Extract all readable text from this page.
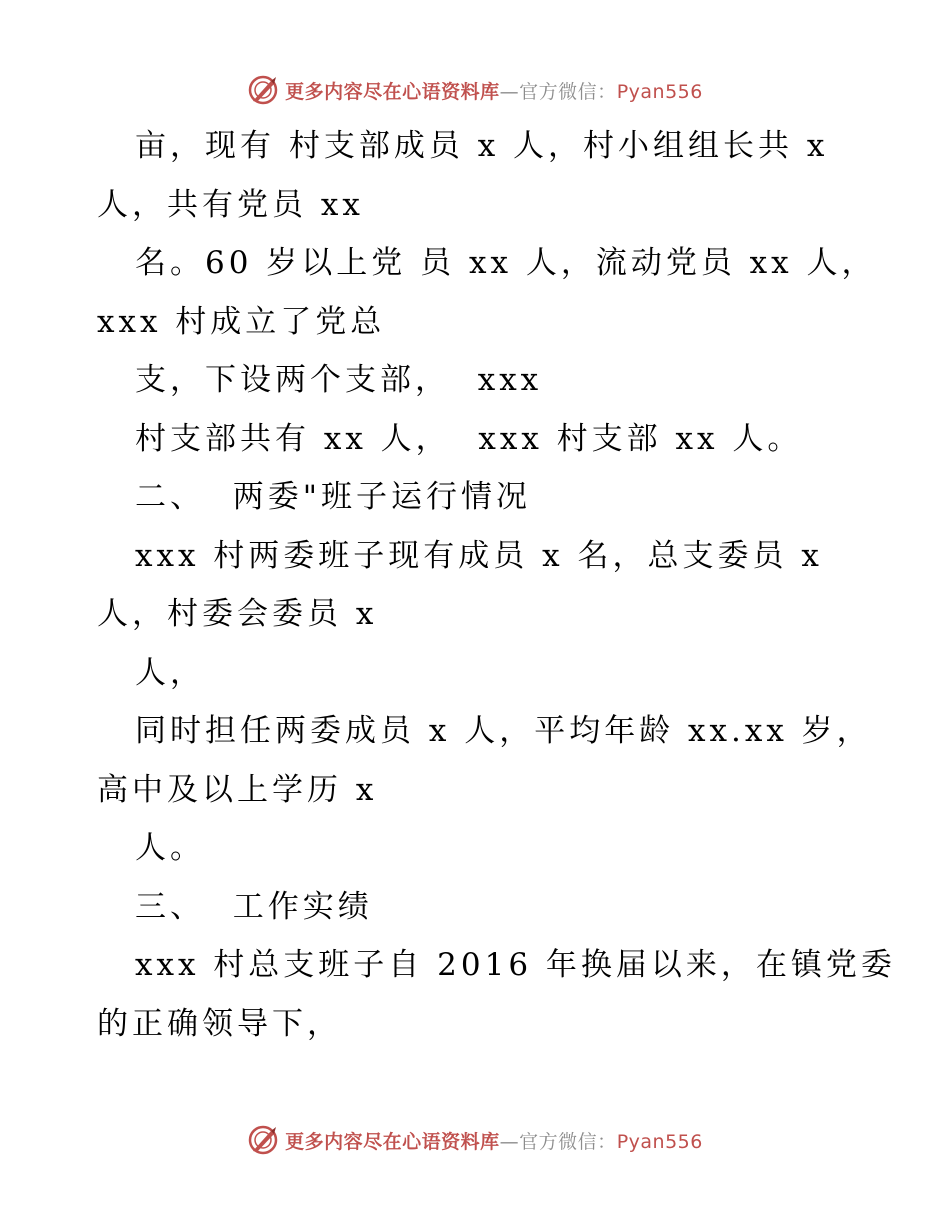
更多内容尽在心语资料库—官方微信：Pyan556
亩，现有 村支部成员 x 人，村小组组长共 x
人，共有党员 xx
名。60 岁以上党 员 xx 人，流动党员 xx 人，
xxx 村成立了党总
支，下设两个支部，  xxx
村支部共有 xx 人，  xxx 村支部 xx 人。
二、  两委"班子运行情况
xxx 村两委班子现有成员 x 名，总支委员 x
人，村委会委员 x
人，
同时担任两委成员 x 人，平均年龄 xx.xx 岁，
高中及以上学历 x
人。
三、  工作实绩
xxx 村总支班子自 2016 年换届以来，在镇党委
的正确领导下，
更多内容尽在心语资料库—官方微信：Pyan556
